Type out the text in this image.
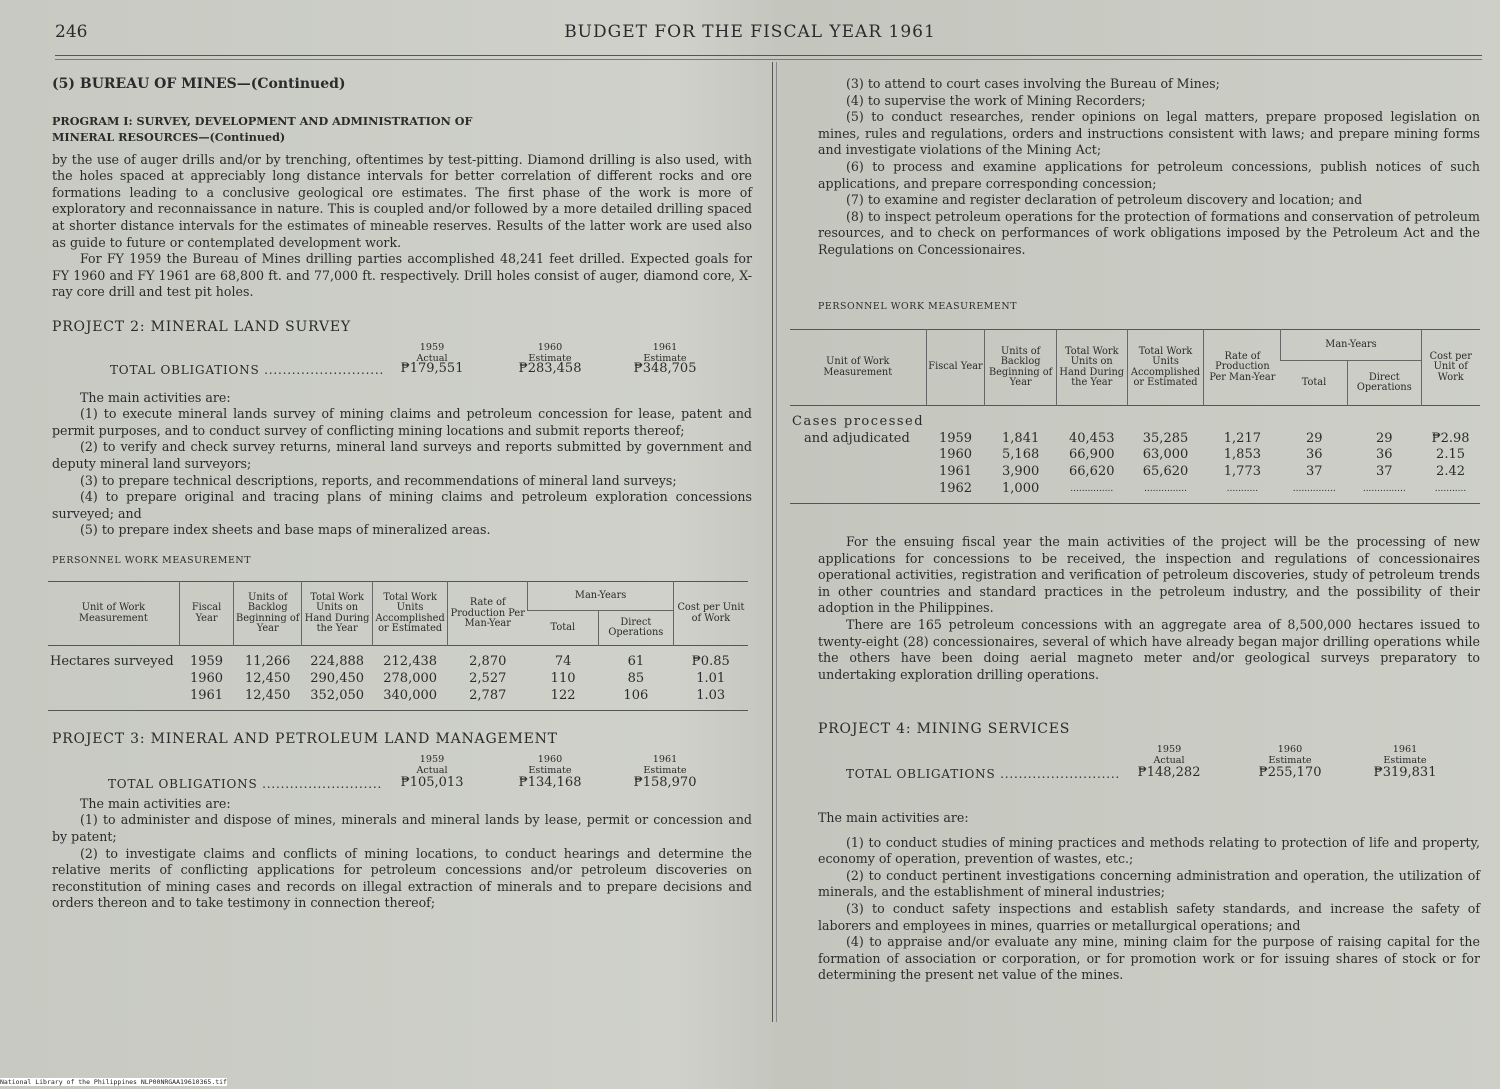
246	BUDGET FOR THE FISCAL YEAR 1961

(5) BUREAU OF MINES—(Continued)

PROGRAM I: SURVEY, DEVELOPMENT AND ADMINISTRATION OF

MINERAL RESOURCES—(Continued)

by the use of auger drills and/or by trenching, oftentimes by test-pitting. Diamond drilling is also used, with the holes spaced at appreciably long distance intervals for better correlation of different rocks and ore formations leading to a conclusive geological ore estimates. The first phase of the work is more of exploratory and reconnaissance in nature. This is coupled and/or followed by a more detailed drilling spaced at shorter distance intervals for the estimates of mineable reserves. Results of the latter work are used also as guide to future or contemplated development work.

For FY 1959 the Bureau of Mines drilling parties accomplished 48,241 feet drilled. Expected goals for FY 1960 and FY 1961 are 68,800 ft. and 77,000 ft. respectively. Drill holes consist of auger, diamond core, X-ray core drill and test pit holes.

PROJECT 2: MINERAL LAND SURVEY

1959
Actual
1960
Estimate
1961
Estimate
TOTAL OBLIGATIONS ..........................	₱179,551	₱283,458	₱348,705

The main activities are:

(1) to execute mineral lands survey of mining claims and petroleum concession for lease, patent and permit purposes, and to conduct survey of conflicting mining locations and submit reports thereof;

(2) to verify and check survey returns, mineral land surveys and reports submitted by government and deputy mineral land surveyors;

(3) to prepare technical descriptions, reports, and recommendations of mineral land surveys;

(4) to prepare original and tracing plans of mining claims and petroleum exploration concessions surveyed; and

(5) to prepare index sheets and base maps of mineralized areas.

PERSONNEL WORK MEASUREMENT

Unit of Work Measurement	Fiscal Year	Units of Backlog Beginning of Year	Total Work Units on Hand During the Year	Total Work Units Accomplished or Estimated	Rate of Production Per Man-Year	Man-Years		Cost per Unit of Work
						Total	Direct Operations	

Hectares surveyed	1959	11,266	224,888	212,438	2,870	74	61	₱0.85
	1960	12,450	290,450	278,000	2,527	110	85	1.01
	1961	12,450	352,050	340,000	2,787	122	106	1.03

PROJECT 3: MINERAL AND PETROLEUM LAND MANAGEMENT

1959
Actual
1960
Estimate
1961
Estimate
TOTAL OBLIGATIONS ..........................	₱105,013	₱134,168	₱158,970

The main activities are:

(1) to administer and dispose of mines, minerals and mineral lands by lease, permit or concession and by patent;

(2) to investigate claims and conflicts of mining locations, to conduct hearings and determine the relative merits of conflicting applications for petroleum concessions and/or petroleum discoveries on reconstitution of mining cases and records on illegal extraction of minerals and to prepare decisions and orders thereon and to take testimony in connection thereof;

(3) to attend to court cases involving the Bureau of Mines;

(4) to supervise the work of Mining Recorders;

(5) to conduct researches, render opinions on legal matters, prepare proposed legislation on mines, rules and regulations, orders and instructions consistent with laws; and prepare mining forms and investigate violations of the Mining Act;

(6) to process and examine applications for petroleum concessions, publish notices of such applications, and prepare corresponding concession;

(7) to examine and register declaration of petroleum discovery and location; and

(8) to inspect petroleum operations for the protection of formations and conservation of petroleum resources, and to check on performances of work obligations imposed by the Petroleum Act and the Regulations on Concessionaires.

PERSONNEL WORK MEASUREMENT

Unit of Work Measurement	Fiscal Year	Units of Backlog Beginning of Year	Total Work Units on Hand During the Year	Total Work Units Accomplished or Estimated	Rate of Production Per Man-Year	Man-Years		Cost per Unit of Work
						Total	Direct Operations	

Cases processed								
and adjudicated	1959	1,841	40,453	35,285	1,217	29	29	₱2.98
	1960	5,168	66,900	63,000	1,853	36	36	2.15
	1961	3,900	66,620	65,620	1,773	37	37	2.42
	1962	1,000	...............	...............	...........	...............	...............	...........

For the ensuing fiscal year the main activities of the project will be the processing of new applications for concessions to be received, the inspection and regulations of concessionaires operational activities, registration and verification of petroleum discoveries, study of petroleum trends in other countries and standard practices in the petroleum industry, and the possibility of their adoption in the Philippines.

There are 165 petroleum concessions with an aggregate area of 8,500,000 hectares issued to twenty-eight (28) concessionaires, several of which have already began major drilling operations while the others have been doing aerial magneto meter and/or geological surveys preparatory to undertaking exploration drilling operations.

PROJECT 4: MINING SERVICES

1959
Actual
1960
Estimate
1961
Estimate
TOTAL OBLIGATIONS ..........................	₱148,282	₱255,170	₱319,831

The main activities are:

(1) to conduct studies of mining practices and methods relating to protection of life and property, economy of operation, prevention of wastes, etc.;

(2) to conduct pertinent investigations concerning administration and operation, the utilization of minerals, and the establishment of mineral industries;

(3) to conduct safety inspections and establish safety standards, and increase the safety of laborers and employees in mines, quarries or metallurgical operations; and

(4) to appraise and/or evaluate any mine, mining claim for the purpose of raising capital for the formation of association or corporation, or for promotion work or for issuing shares of stock or for determining the present net value of the mines.

National Library of the Philippines NLP00NRGAA19610365.tif
